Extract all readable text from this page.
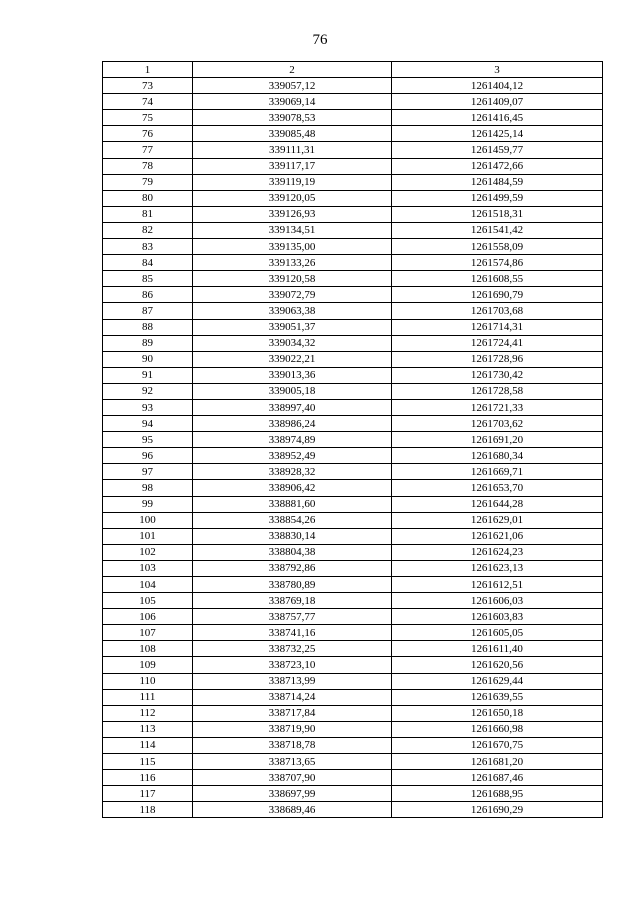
76
1	2	3
73	339057,12	1261404,12
74	339069,14	1261409,07
75	339078,53	1261416,45
76	339085,48	1261425,14
77	339111,31	1261459,77
78	339117,17	1261472,66
79	339119,19	1261484,59
80	339120,05	1261499,59
81	339126,93	1261518,31
82	339134,51	1261541,42
83	339135,00	1261558,09
84	339133,26	1261574,86
85	339120,58	1261608,55
86	339072,79	1261690,79
87	339063,38	1261703,68
88	339051,37	1261714,31
89	339034,32	1261724,41
90	339022,21	1261728,96
91	339013,36	1261730,42
92	339005,18	1261728,58
93	338997,40	1261721,33
94	338986,24	1261703,62
95	338974,89	1261691,20
96	338952,49	1261680,34
97	338928,32	1261669,71
98	338906,42	1261653,70
99	338881,60	1261644,28
100	338854,26	1261629,01
101	338830,14	1261621,06
102	338804,38	1261624,23
103	338792,86	1261623,13
104	338780,89	1261612,51
105	338769,18	1261606,03
106	338757,77	1261603,83
107	338741,16	1261605,05
108	338732,25	1261611,40
109	338723,10	1261620,56
110	338713,99	1261629,44
111	338714,24	1261639,55
112	338717,84	1261650,18
113	338719,90	1261660,98
114	338718,78	1261670,75
115	338713,65	1261681,20
116	338707,90	1261687,46
117	338697,99	1261688,95
118	338689,46	1261690,29
